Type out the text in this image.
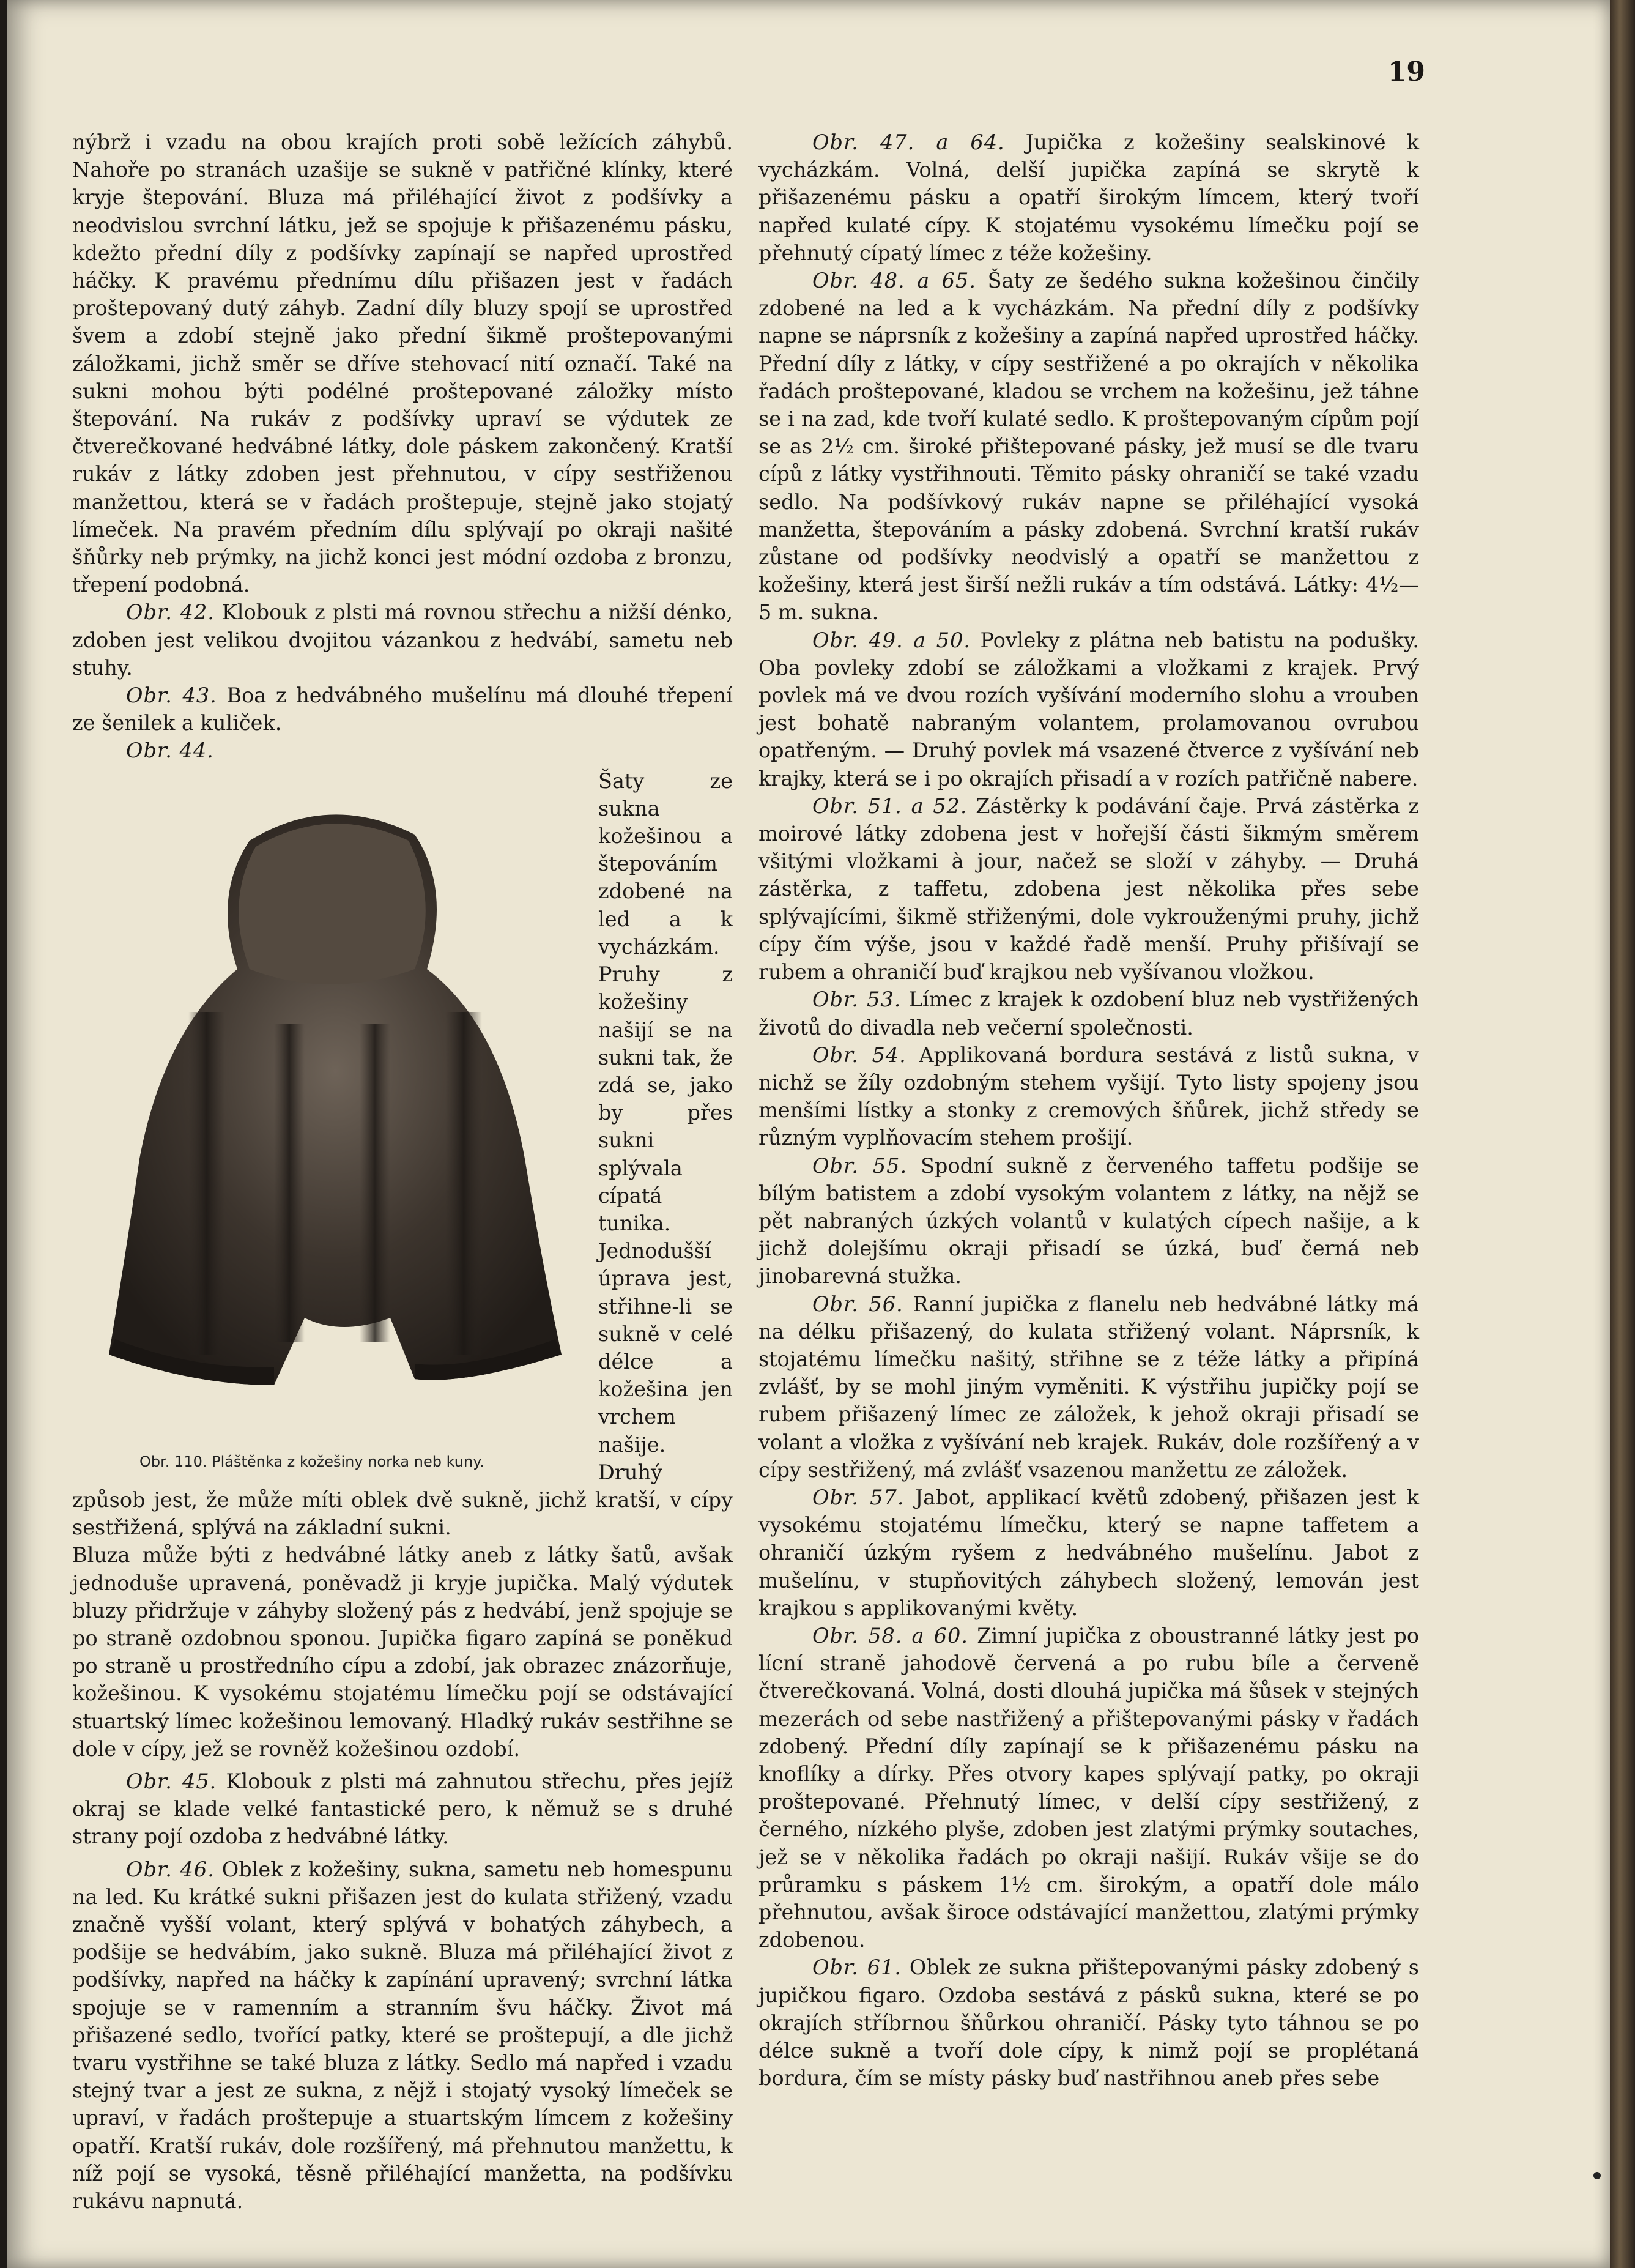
19

nýbrž i vzadu na obou krajích proti sobě ležících záhybů. Nahoře po stranách uzašije se sukně v patřičné klínky, které kryje štepování. Bluza má přiléhající život z podšívky a neodvislou svrchní látku, jež se spojuje k přišazenému pásku, kdežto přední díly z podšívky zapínají se napřed uprostřed háčky. K pravému přednímu dílu přišazen jest v řadách proštepovaný dutý záhyb. Zadní díly bluzy spojí se uprostřed švem a zdobí stejně jako přední šikmě proštepovanými záložkami, jichž směr se dříve stehovací nití označí. Také na sukni mohou býti podélné proštepované záložky místo štepování. Na rukáv z podšívky upraví se výdutek ze čtverečkované hedvábné látky, dole páskem zakončený. Kratší rukáv z látky zdoben jest přehnutou, v cípy sestřiženou manžettou, která se v řadách proštepuje, stejně jako stojatý límeček. Na pravém předním dílu splývají po okraji našité šňůrky neb prýmky, na jichž konci jest módní ozdoba z bronzu, třepení podobná.

Obr. 42. Klobouk z plsti má rovnou střechu a nižší dénko, zdoben jest velikou dvojitou vázankou z hedvábí, sametu neb stuhy.

Obr. 43. Boa z hedvábného mušelínu má dlouhé třepení ze šenilek a kuliček.

Obr. 44.

Obr. 110. Pláštěnka z kožešiny norka neb kuny.

Šaty ze sukna kožešinou a štepováním zdobené na led a k vycházkám. Pruhy z kožešiny našijí se na sukni tak, že zdá se, jako by přes sukni splývala cípatá tunika. Jednodušší úprava jest, střihne-li se sukně v celé délce a kožešina jen vrchem našije. Druhý způsob jest, že může míti oblek dvě sukně, jichž kratší, v cípy sestřižená, splývá na základní sukni.

Bluza může býti z hedvábné látky aneb z látky šatů, avšak jednoduše upravená, poněvadž ji kryje jupička. Malý výdutek bluzy přidržuje v záhyby složený pás z hedvábí, jenž spojuje se po straně ozdobnou sponou. Jupička figaro zapíná se poněkud po straně u prostředního cípu a zdobí, jak obrazec znázorňuje, kožešinou. K vysokému stojatému límečku pojí se odstávající stuartský límec kožešinou lemovaný. Hladký rukáv sestřihne se dole v cípy, jež se rovněž kožešinou ozdobí.

Obr. 45. Klobouk z plsti má zahnutou střechu, přes jejíž okraj se klade velké fantastické pero, k němuž se s druhé strany pojí ozdoba z hedvábné látky.

Obr. 46. Oblek z kožešiny, sukna, sametu neb homespunu na led. Ku krátké sukni přišazen jest do kulata střižený, vzadu značně vyšší volant, který splývá v bohatých záhybech, a podšije se hedvábím, jako sukně. Bluza má přiléhající život z podšívky, napřed na háčky k zapínání upravený; svrchní látka spojuje se v ramenním a stranním švu háčky. Život má přišazené sedlo, tvořící patky, které se proštepují, a dle jichž tvaru vystřihne se také bluza z látky. Sedlo má napřed i vzadu stejný tvar a jest ze sukna, z nějž i stojatý vysoký límeček se upraví, v řadách proštepuje a stuartským límcem z kožešiny opatří. Kratší rukáv, dole rozšířený, má přehnutou manžettu, k níž pojí se vysoká, těsně přiléhající manžetta, na podšívku rukávu napnutá.

Obr. 47. a 64. Jupička z kožešiny sealskinové k vycházkám. Volná, delší jupička zapíná se skrytě k přišazenému pásku a opatří širokým límcem, který tvoří napřed kulaté cípy. K stojatému vysokému límečku pojí se přehnutý cípatý límec z téže kožešiny.

Obr. 48. a 65. Šaty ze šedého sukna kožešinou činčily zdobené na led a k vycházkám. Na přední díly z podšívky napne se náprsník z kožešiny a zapíná napřed uprostřed háčky. Přední díly z látky, v cípy sestřižené a po okrajích v několika řadách proštepované, kladou se vrchem na kožešinu, jež táhne se i na zad, kde tvoří kulaté sedlo. K proštepovaným cípům pojí se as 2½ cm. široké přištepované pásky, jež musí se dle tvaru cípů z látky vystřihnouti. Těmito pásky ohraničí se také vzadu sedlo. Na podšívkový rukáv napne se přiléhající vysoká manžetta, štepováním a pásky zdobená. Svrchní kratší rukáv zůstane od podšívky neodvislý a opatří se manžettou z kožešiny, která jest širší nežli rukáv a tím odstává. Látky: 4½—5 m. sukna.

Obr. 49. a 50. Povleky z plátna neb batistu na podušky. Oba povleky zdobí se záložkami a vložkami z krajek. Prvý povlek má ve dvou rozích vyšívání moderního slohu a vrouben jest bohatě nabraným volantem, prolamovanou ovrubou opatřeným. — Druhý povlek má vsazené čtverce z vyšívání neb krajky, která se i po okrajích přisadí a v rozích patřičně nabere.

Obr. 51. a 52. Zástěrky k podávání čaje. Prvá zástěrka z moirové látky zdobena jest v hořejší části šikmým směrem všitými vložkami à jour, načež se složí v záhyby. — Druhá zástěrka, z taffetu, zdobena jest několika přes sebe splývajícími, šikmě střiženými, dole vykrouženými pruhy, jichž cípy čím výše, jsou v každé řadě menší. Pruhy přišívají se rubem a ohraničí buď krajkou neb vyšívanou vložkou.

Obr. 53. Límec z krajek k ozdobení bluz neb vystřižených životů do divadla neb večerní společnosti.

Obr. 54. Applikovaná bordura sestává z listů sukna, v nichž se žíly ozdobným stehem vyšijí. Tyto listy spojeny jsou menšími lístky a stonky z cremových šňůrek, jichž středy se různým vyplňovacím stehem prošijí.

Obr. 55. Spodní sukně z červeného taffetu podšije se bílým batistem a zdobí vysokým volantem z látky, na nějž se pět nabraných úzkých volantů v kulatých cípech našije, a k jichž dolejšímu okraji přisadí se úzká, buď černá neb jinobarevná stužka.

Obr. 56. Ranní jupička z flanelu neb hedvábné látky má na délku přišazený, do kulata střižený volant. Náprsník, k stojatému límečku našitý, střihne se z téže látky a připíná zvlášť, by se mohl jiným vyměniti. K výstřihu jupičky pojí se rubem přišazený límec ze záložek, k jehož okraji přisadí se volant a vložka z vyšívání neb krajek. Rukáv, dole rozšířený a v cípy sestřižený, má zvlášť vsazenou manžettu ze záložek.

Obr. 57. Jabot, applikací květů zdobený, přišazen jest k vysokému stojatému límečku, který se napne taffetem a ohraničí úzkým ryšem z hedvábného mušelínu. Jabot z mušelínu, v stupňovitých záhybech složený, lemován jest krajkou s applikovanými květy.

Obr. 58. a 60. Zimní jupička z oboustranné látky jest po lícní straně jahodově červená a po rubu bíle a červeně čtverečkovaná. Volná, dosti dlouhá jupička má šůsek v stejných mezerách od sebe nastřižený a přištepovanými pásky v řadách zdobený. Přední díly zapínají se k přišazenému pásku na knoflíky a dírky. Přes otvory kapes splývají patky, po okraji proštepované. Přehnutý límec, v delší cípy sestřižený, z černého, nízkého plyše, zdoben jest zlatými prýmky soutaches, jež se v několika řadách po okraji našijí. Rukáv všije se do průramku s páskem 1½ cm. širokým, a opatří dole málo přehnutou, avšak široce odstávající manžettou, zlatými prýmky zdobenou.

Obr. 61. Oblek ze sukna přištepovanými pásky zdobený s jupičkou figaro. Ozdoba sestává z pásků sukna, které se po okrajích stříbrnou šňůrkou ohraničí. Pásky tyto táhnou se po délce sukně a tvoří dole cípy, k nimž pojí se proplétaná bordura, čím se místy pásky buď nastřihnou aneb přes sebe
